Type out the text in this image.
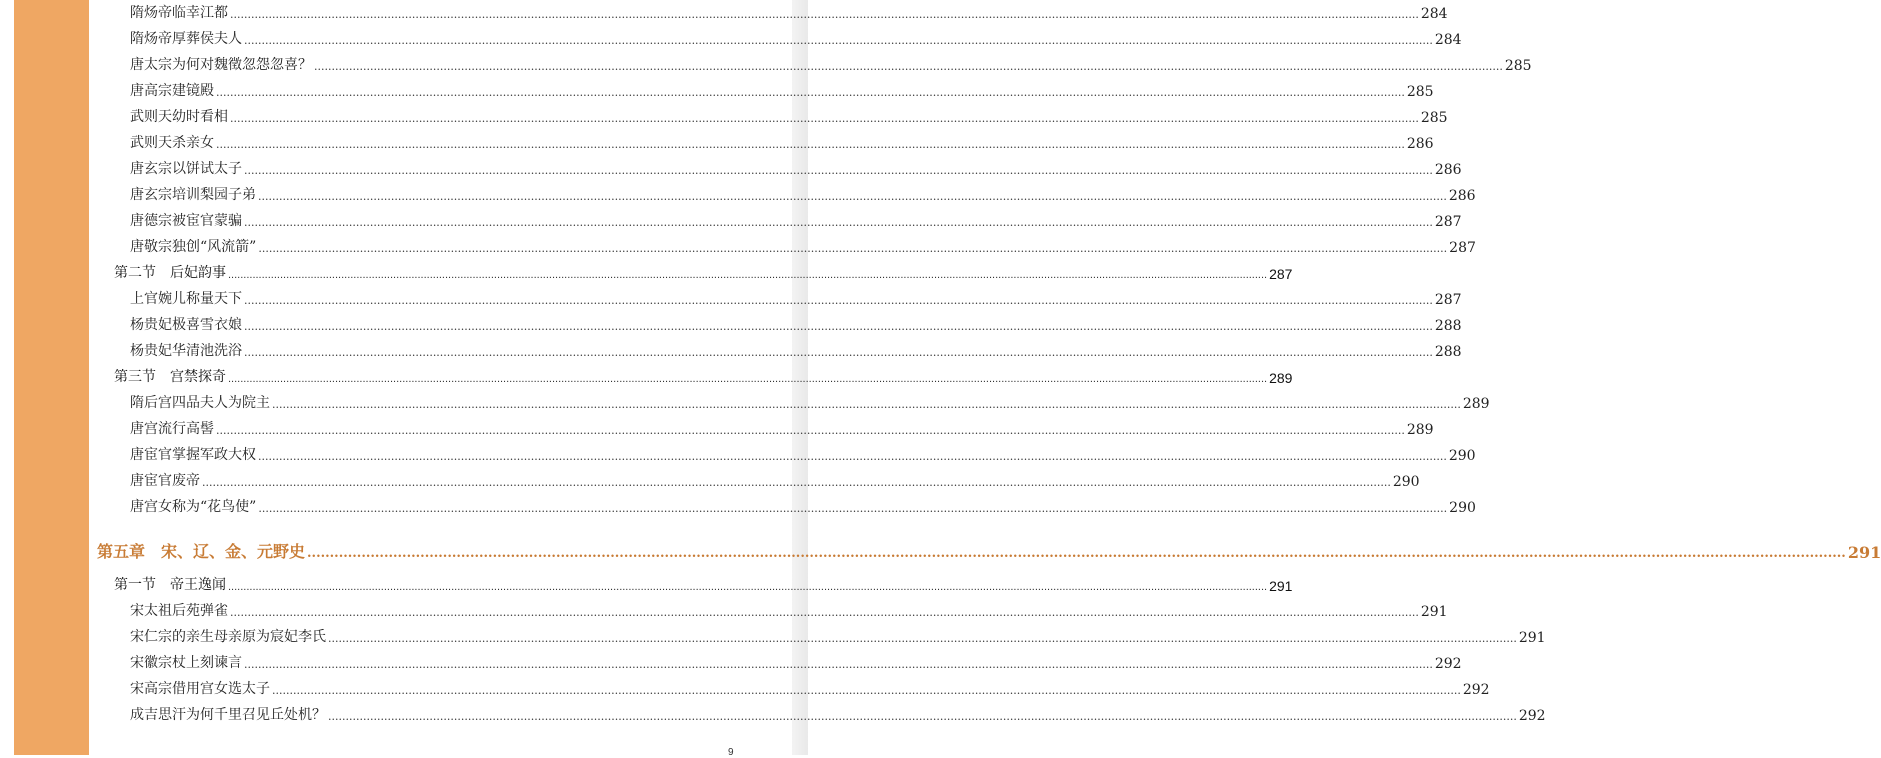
隋炀帝临幸江都 .................................................................................................................................................................................................................................................................................................................................................... 284
隋炀帝厚葬侯夫人 .................................................................................................................................................................................................................................................................................................................................................... 284
唐太宗为何对魏徵忽怨忽喜？ .................................................................................................................................................................................................................................................................................................................................................... 285
唐高宗建镜殿 .................................................................................................................................................................................................................................................................................................................................................... 285
武则天幼时看相 .................................................................................................................................................................................................................................................................................................................................................... 285
武则天杀亲女 .................................................................................................................................................................................................................................................................................................................................................... 286
唐玄宗以饼试太子 .................................................................................................................................................................................................................................................................................................................................................... 286
唐玄宗培训梨园子弟 .................................................................................................................................................................................................................................................................................................................................................... 286
唐德宗被宦官蒙骗 .................................................................................................................................................................................................................................................................................................................................................... 287
唐敬宗独创“风流箭” .................................................................................................................................................................................................................................................................................................................................................... 287
第二节　后妃韵事 .................................................................................................................................................................................................................................................................................................................................................... 287
上官婉儿称量天下 .................................................................................................................................................................................................................................................................................................................................................... 287
杨贵妃极喜雪衣娘 .................................................................................................................................................................................................................................................................................................................................................... 288
杨贵妃华清池洗浴 .................................................................................................................................................................................................................................................................................................................................................... 288
第三节　宫禁探奇 .................................................................................................................................................................................................................................................................................................................................................... 289
隋后宫四品夫人为院主 .................................................................................................................................................................................................................................................................................................................................................... 289
唐宫流行高髻 .................................................................................................................................................................................................................................................................................................................................................... 289
唐宦官掌握军政大权 .................................................................................................................................................................................................................................................................................................................................................... 290
唐宦官废帝 .................................................................................................................................................................................................................................................................................................................................................... 290
唐宫女称为“花鸟使” .................................................................................................................................................................................................................................................................................................................................................... 290
第五章　宋、辽、金、元野史 .................................................................................................................................................................................................................................................................................................................................................... 291
第一节　帝王逸闻 .................................................................................................................................................................................................................................................................................................................................................... 291
宋太祖后苑弹雀 .................................................................................................................................................................................................................................................................................................................................................... 291
宋仁宗的亲生母亲原为宸妃李氏 .................................................................................................................................................................................................................................................................................................................................................... 291
宋徽宗杖上刻谏言 .................................................................................................................................................................................................................................................................................................................................................... 292
宋高宗借用宫女选太子 .................................................................................................................................................................................................................................................................................................................................................... 292
成吉思汗为何千里召见丘处机？ .................................................................................................................................................................................................................................................................................................................................................... 292
9
